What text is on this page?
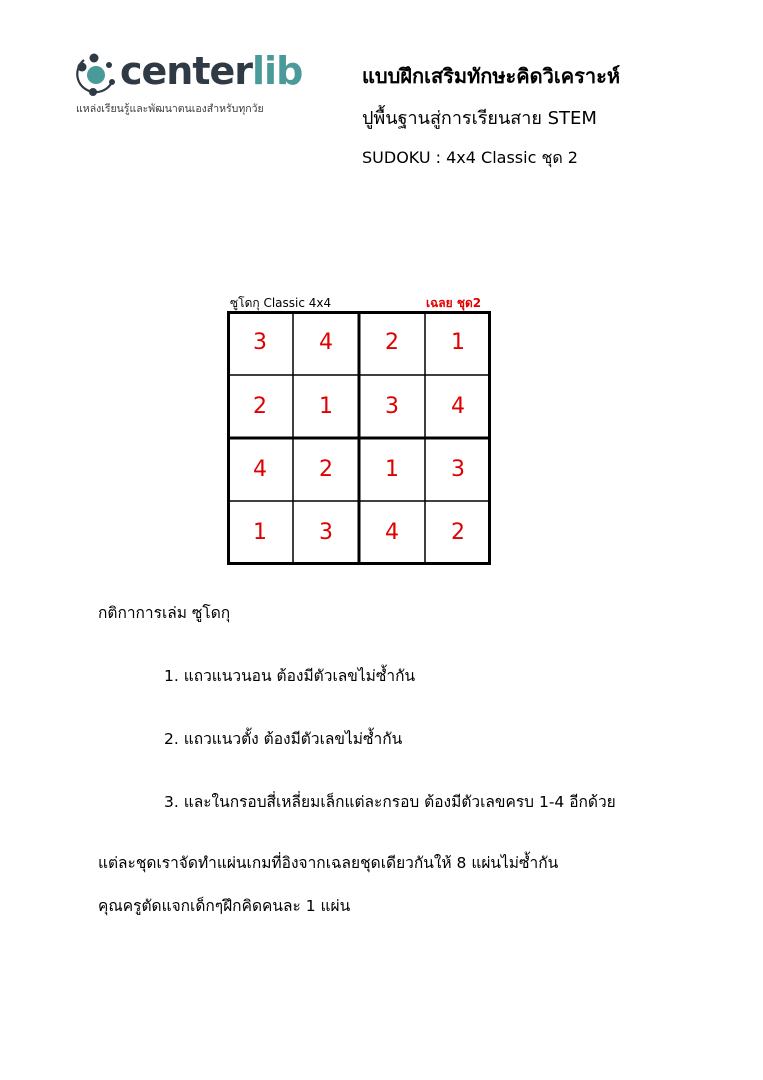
centerlib
แหล่งเรียนรู้และพัฒนาตนเองสำหรับทุกวัย
แบบฝึกเสริมทักษะคิดวิเคราะห์
ปูพื้นฐานสู่การเรียนสาย STEM
SUDOKU : 4x4 Classic ชุด 2
ซูโดกุ Classic 4x4	เฉลย ชุด2
3	4	2	1
2	1	3	4
4	2	1	3
1	3	4	2
กติกาการเล่ม ซูโดกุ
1. แถวแนวนอน ต้องมีตัวเลขไม่ซ้ำกัน
2. แถวแนวตั้ง ต้องมีตัวเลขไม่ซ้ำกัน
3. และในกรอบสี่เหลี่ยมเล็กแต่ละกรอบ ต้องมีตัวเลขครบ 1-4 อีกด้วย
แต่ละชุดเราจัดทำแผ่นเกมที่อิงจากเฉลยชุดเดียวกันให้ 8 แผ่นไม่ซ้ำกัน
คุณครูตัดแจกเด็กๆฝึกคิดคนละ 1 แผ่น
